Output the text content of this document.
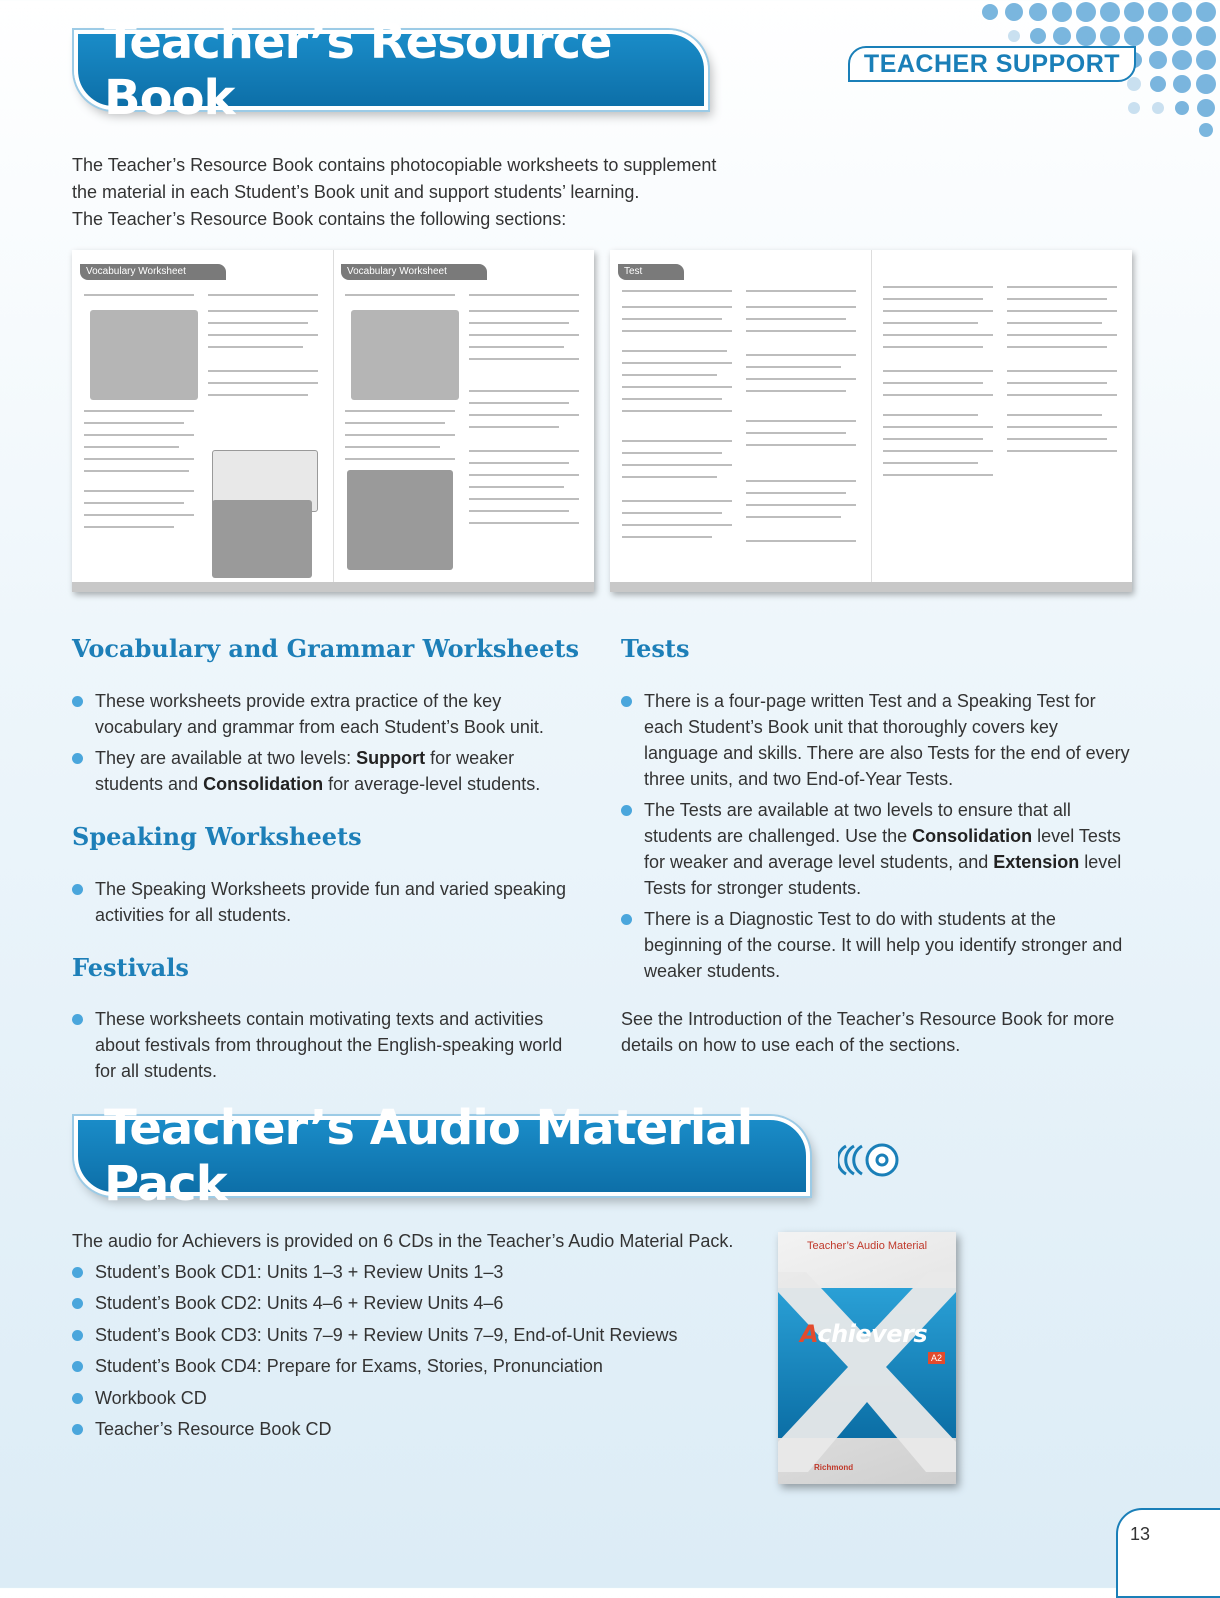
Teacher’s Resource Book
TEACHER SUPPORT

The Teacher’s Resource Book contains photocopiable worksheets to supplement

the material in each Student’s Book unit and support students’ learning.

The Teacher’s Resource Book contains the following sections:

Vocabulary Worksheet	Vocabulary Worksheet	Test
Vocabulary and Grammar Worksheets
These worksheets provide extra practice of the key vocabulary and grammar from each Student’s Book unit.
They are available at two levels: Support for weaker students and Consolidation for average-level students.
Speaking Worksheets
The Speaking Worksheets provide fun and varied speaking activities for all students.
Festivals
These worksheets contain motivating texts and activities about festivals from throughout the English-speaking world for all students.
Tests
There is a four-page written Test and a Speaking Test for each Student’s Book unit that thoroughly covers key language and skills. There are also Tests for the end of every three units, and two End-of-Year Tests.
The Tests are available at two levels to ensure that all students are challenged. Use the Consolidation level Tests for weaker and average level students, and Extension level Tests for stronger students.
There is a Diagnostic Test to do with students at the beginning of the course. It will help you identify stronger and weaker students.
See the Introduction of the Teacher’s Resource Book for more details on how to use each of the sections.
Teacher’s Audio Material Pack
The audio for Achievers is provided on 6 CDs in the Teacher’s Audio Material Pack.
Student’s Book CD1: Units 1–3 + Review Units 1–3
Student’s Book CD2: Units 4–6 + Review Units 4–6
Student’s Book CD3: Units 7–9 + Review Units 7–9, End-of-Unit Reviews
Student’s Book CD4: Prepare for Exams, Stories, Pronunciation
Workbook CD
Teacher’s Resource Book CD
Teacher’s Audio Material
Achievers
A2
Richmond
13
